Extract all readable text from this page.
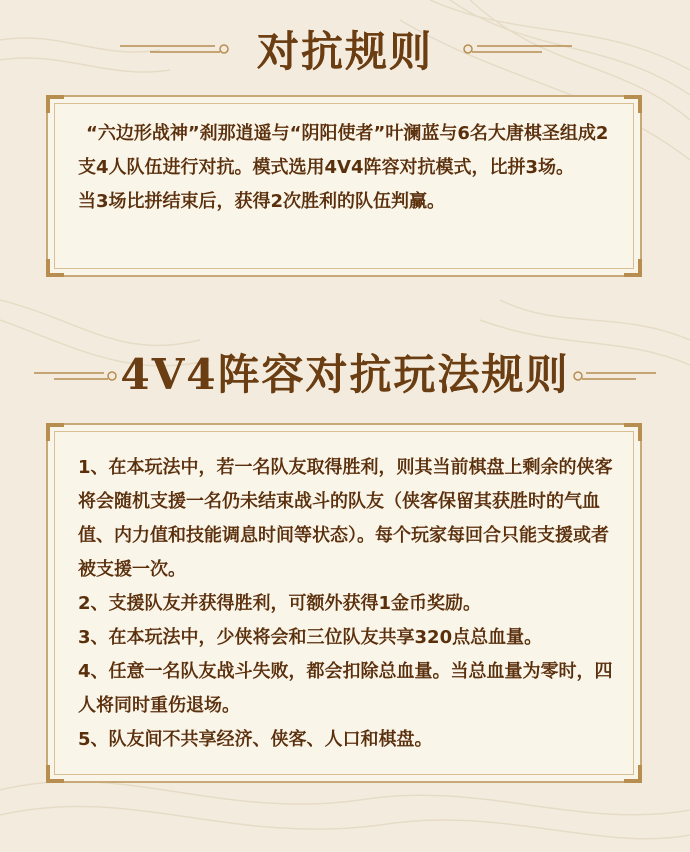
对抗规则

“六边形战神”刹那逍遥与“阴阳使者”叶澜蓝与6名大唐棋圣组成2支4人队伍进行对抗。模式选用4V4阵容对抗模式，比拼3场。

当3场比拼结束后，获得2次胜利的队伍判赢。

4V4阵容对抗玩法规则

1、在本玩法中，若一名队友取得胜利，则其当前棋盘上剩余的侠客将会随机支援一名仍未结束战斗的队友（侠客保留其获胜时的气血值、内力值和技能调息时间等状态）。每个玩家每回合只能支援或者被支援一次。

2、支援队友并获得胜利，可额外获得1金币奖励。

3、在本玩法中，少侠将会和三位队友共享320点总血量。

4、任意一名队友战斗失败，都会扣除总血量。当总血量为零时，四人将同时重伤退场。

5、队友间不共享经济、侠客、人口和棋盘。
